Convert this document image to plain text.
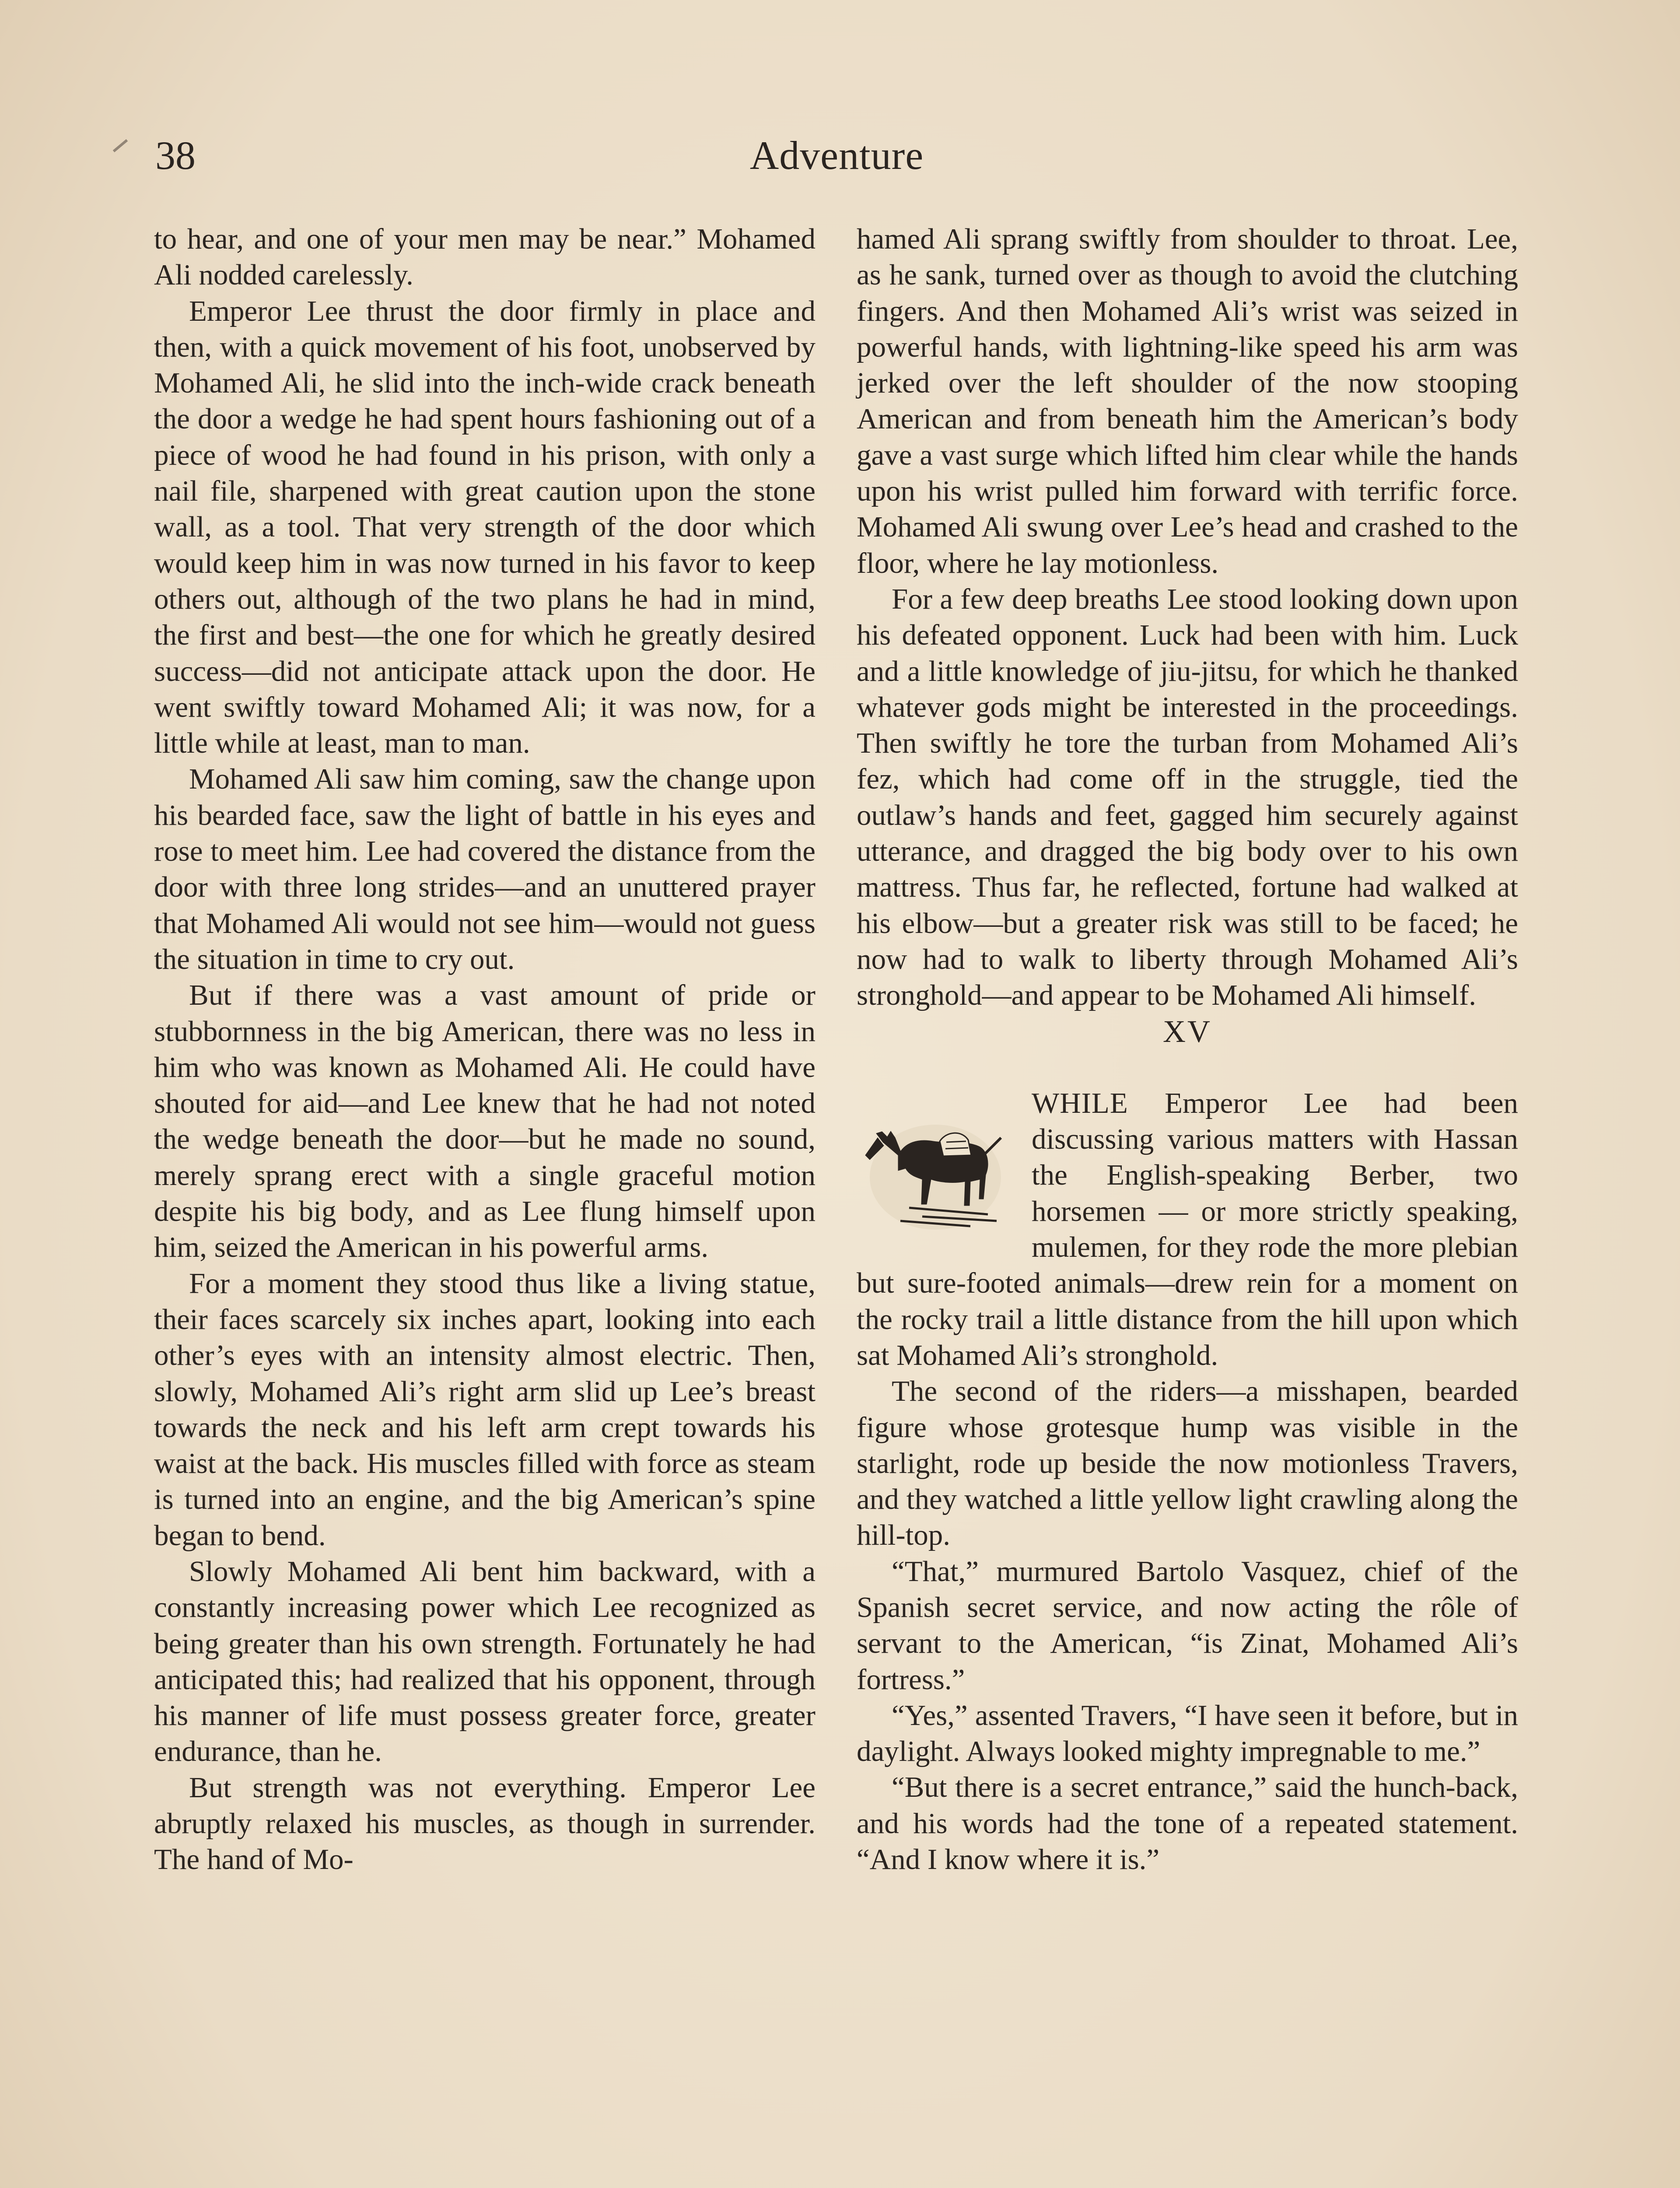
38	Adventure

to hear, and one of your men may be near.” Mohamed Ali nodded carelessly.

Emperor Lee thrust the door firmly in place and then, with a quick movement of his foot, unobserved by Mohamed Ali, he slid into the inch-wide crack beneath the door a wedge he had spent hours fashioning out of a piece of wood he had found in his prison, with only a nail file, sharpened with great caution upon the stone wall, as a tool. That very strength of the door which would keep him in was now turned in his favor to keep others out, although of the two plans he had in mind, the first and best—the one for which he greatly desired success—did not anticipate attack upon the door. He went swiftly toward Mohamed Ali; it was now, for a little while at least, man to man.

Mohamed Ali saw him coming, saw the change upon his bearded face, saw the light of battle in his eyes and rose to meet him. Lee had covered the distance from the door with three long strides—and an unuttered prayer that Mohamed Ali would not see him—would not guess the situation in time to cry out.

But if there was a vast amount of pride or stubbornness in the big American, there was no less in him who was known as Mohamed Ali. He could have shouted for aid—and Lee knew that he had not noted the wedge beneath the door—but he made no sound, merely sprang erect with a single graceful motion despite his big body, and as Lee flung himself upon him, seized the American in his powerful arms.

For a moment they stood thus like a living statue, their faces scarcely six inches apart, looking into each other’s eyes with an intensity almost electric. Then, slowly, Mohamed Ali’s right arm slid up Lee’s breast towards the neck and his left arm crept towards his waist at the back. His muscles filled with force as steam is turned into an engine, and the big American’s spine began to bend.

Slowly Mohamed Ali bent him backward, with a constantly increasing power which Lee recognized as being greater than his own strength. Fortunately he had anticipated this; had realized that his opponent, through his manner of life must possess greater force, greater endurance, than he.

But strength was not everything. Emperor Lee abruptly relaxed his muscles, as though in surrender. The hand of Mo-

hamed Ali sprang swiftly from shoulder to throat. Lee, as he sank, turned over as though to avoid the clutching fingers. And then Mohamed Ali’s wrist was seized in powerful hands, with lightning-like speed his arm was jerked over the left shoulder of the now stooping American and from beneath him the American’s body gave a vast surge which lifted him clear while the hands upon his wrist pulled him forward with terrific force. Mohamed Ali swung over Lee’s head and crashed to the floor, where he lay motionless.

For a few deep breaths Lee stood looking down upon his defeated opponent. Luck had been with him. Luck and a little knowledge of jiu-jitsu, for which he thanked whatever gods might be interested in the proceedings. Then swiftly he tore the turban from Mohamed Ali’s fez, which had come off in the struggle, tied the outlaw’s hands and feet, gagged him securely against utterance, and dragged the big body over to his own mattress. Thus far, he reflected, fortune had walked at his elbow—but a greater risk was still to be faced; he now had to walk to liberty through Mohamed Ali’s stronghold—and appear to be Mohamed Ali himself.

XV

WHILE Emperor Lee had been discussing various matters with Hassan the English-speaking Berber, two horsemen — or more strictly speaking, mulemen, for they rode the more plebian but sure-footed animals—drew rein for a moment on the rocky trail a little distance from the hill upon which sat Mohamed Ali’s stronghold.

The second of the riders—a misshapen, bearded figure whose grotesque hump was visible in the starlight, rode up beside the now motionless Travers, and they watched a little yellow light crawling along the hill-top.

“That,” murmured Bartolo Vasquez, chief of the Spanish secret service, and now acting the rôle of servant to the American, “is Zinat, Mohamed Ali’s fortress.”

“Yes,” assented Travers, “I have seen it before, but in daylight. Always looked mighty impregnable to me.”

“But there is a secret entrance,” said the hunch-back, and his words had the tone of a repeated statement. “And I know where it is.”
